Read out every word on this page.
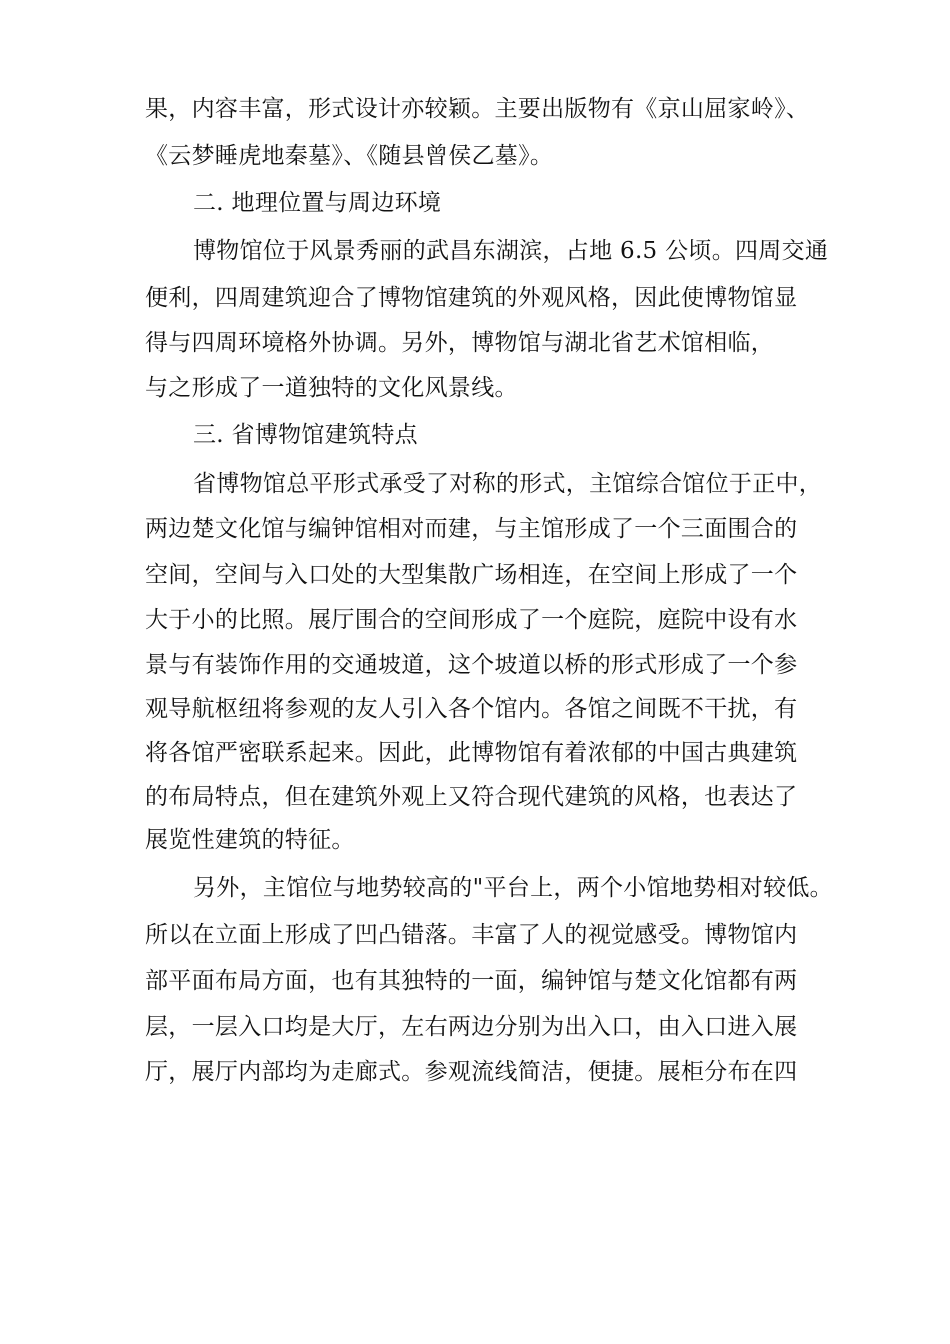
果，内容丰富，形式设计亦较颖。主要出版物有《京山屈家岭》、
《云梦睡虎地秦墓》、《随县曾侯乙墓》。
二. 地理位置与周边环境
博物馆位于风景秀丽的武昌东湖滨，占地 6.5 公顷。四周交通
便利，四周建筑迎合了博物馆建筑的外观风格，因此使博物馆显
得与四周环境格外协调。另外，博物馆与湖北省艺术馆相临，
与之形成了一道独特的文化风景线。
三. 省博物馆建筑特点
省博物馆总平形式承受了对称的形式，主馆综合馆位于正中，
两边楚文化馆与编钟馆相对而建，与主馆形成了一个三面围合的
空间，空间与入口处的大型集散广场相连，在空间上形成了一个
大于小的比照。展厅围合的空间形成了一个庭院，庭院中设有水
景与有装饰作用的交通坡道，这个坡道以桥的形式形成了一个参
观导航枢纽将参观的友人引入各个馆内。各馆之间既不干扰，有
将各馆严密联系起来。因此，此博物馆有着浓郁的中国古典建筑
的布局特点，但在建筑外观上又符合现代建筑的风格，也表达了
展览性建筑的特征。
另外，主馆位与地势较高的"平台上，两个小馆地势相对较低。
所以在立面上形成了凹凸错落。丰富了人的视觉感受。博物馆内
部平面布局方面，也有其独特的一面，编钟馆与楚文化馆都有两
层，一层入口均是大厅，左右两边分别为出入口，由入口进入展
厅，展厅内部均为走廊式。参观流线简洁，便捷。展柜分布在四
